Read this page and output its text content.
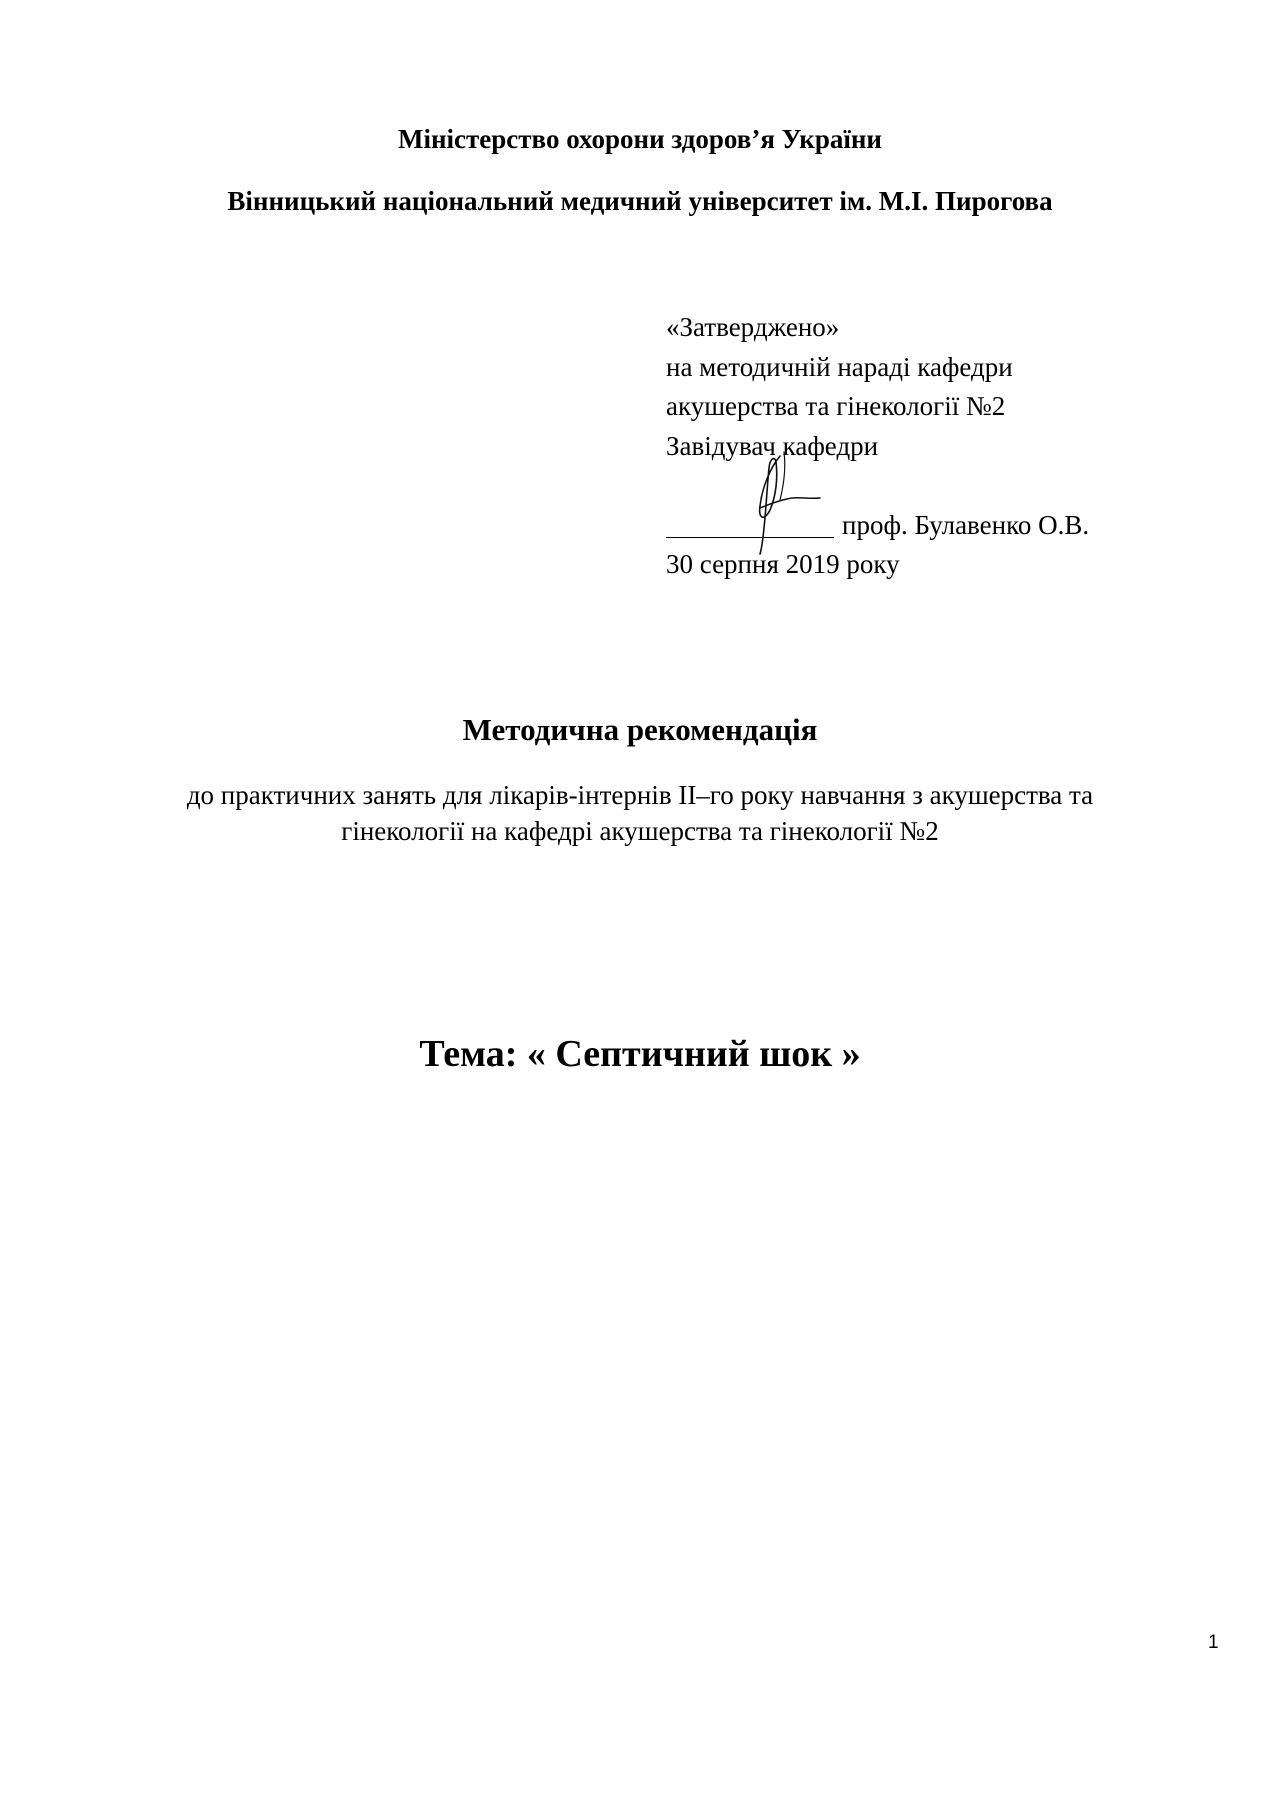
Міністерство охорони здоров’я України
Вінницький національний медичний університет ім. М.І. Пирогова
«Затверджено»
на методичній нараді кафедри
акушерства та гінекології №2
Завідувач кафедри
проф. Булавенко О.В.
30 серпня 2019 року
Методична рекомендація
до практичних занять для лікарів-інтернів ІІ–го року навчання з акушерства та
гінекології на кафедрі акушерства та гінекології №2
Тема: « Септичний шок »
1
